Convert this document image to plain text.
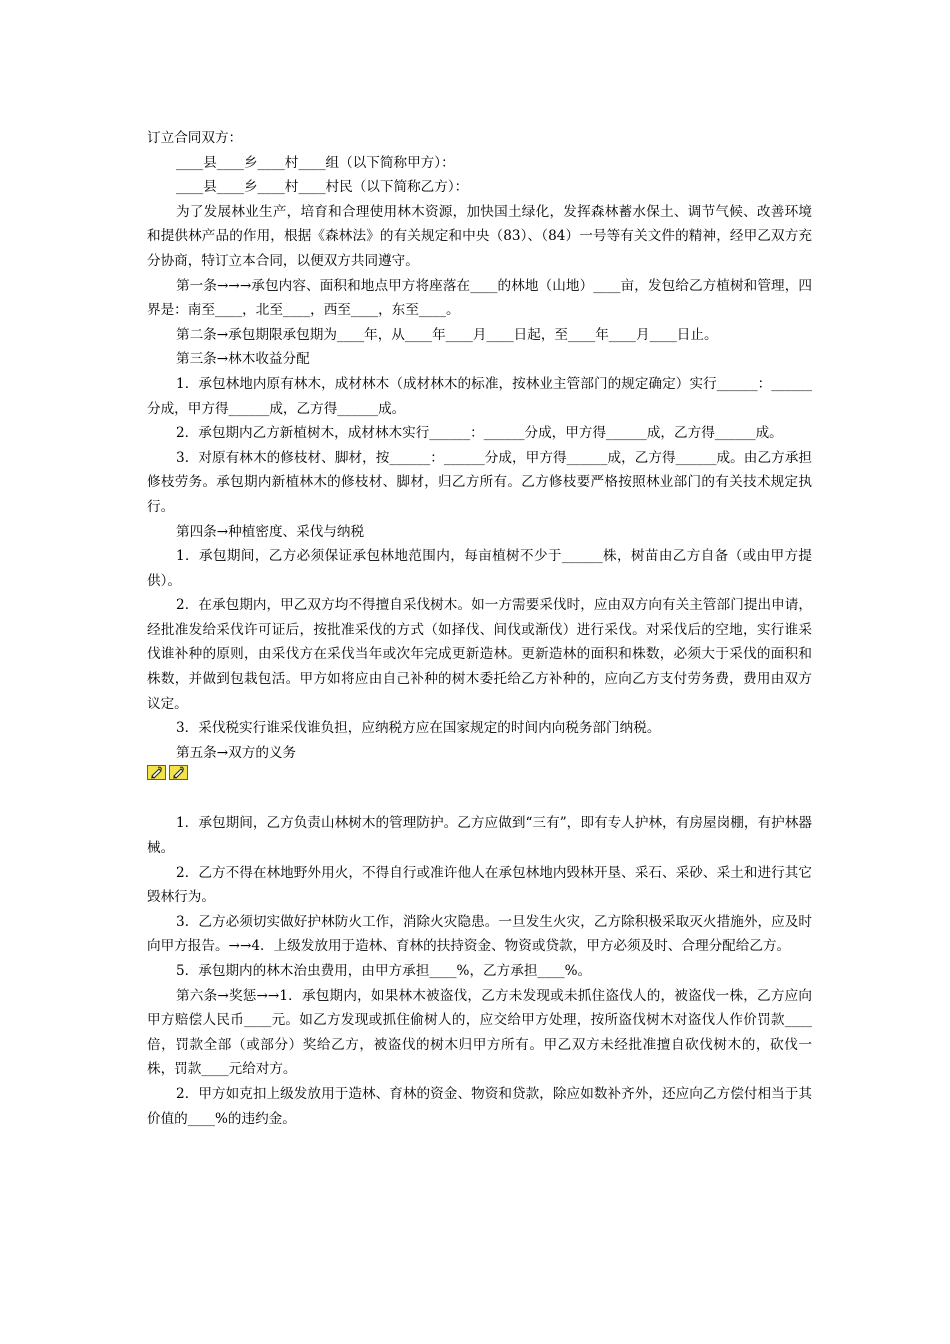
订立合同双方：

____县____乡____村____组（以下简称甲方）：

____县____乡____村____村民（以下简称乙方）：

为了发展林业生产，培育和合理使用林木资源，加快国土绿化，发挥森林蓄水保土、调节气候、改善环境和提供林产品的作用，根据《森林法》的有关规定和中央（83）、（84）一号等有关文件的精神，经甲乙双方充分协商，特订立本合同，以便双方共同遵守。

第一条→→→承包内容、面积和地点甲方将座落在____的林地（山地）____亩，发包给乙方植树和管理，四界是：南至____，北至____，西至____，东至____。

第二条→承包期限承包期为____年，从____年____月____日起，至____年____月____日止。

第三条→林木收益分配

1．承包林地内原有林木，成材林木（成材林木的标准，按林业主管部门的规定确定）实行______：______分成，甲方得______成，乙方得______成。

2．承包期内乙方新植树木，成材林木实行______：______分成，甲方得______成，乙方得______成。

3．对原有林木的修枝材、脚材，按______：______分成，甲方得______成，乙方得______成。由乙方承担修枝劳务。承包期内新植林木的修枝材、脚材，归乙方所有。乙方修枝要严格按照林业部门的有关技术规定执行。

第四条→种植密度、采伐与纳税

1．承包期间，乙方必须保证承包林地范围内，每亩植树不少于______株，树苗由乙方自备（或由甲方提供）。

2．在承包期内，甲乙双方均不得擅自采伐树木。如一方需要采伐时，应由双方向有关主管部门提出申请，经批准发给采伐许可证后，按批准采伐的方式（如择伐、间伐或渐伐）进行采伐。对采伐后的空地，实行谁采伐谁补种的原则，由采伐方在采伐当年或次年完成更新造林。更新造林的面积和株数，必须大于采伐的面积和株数，并做到包栽包活。甲方如将应由自己补种的树木委托给乙方补种的，应向乙方支付劳务费，费用由双方议定。

3．采伐税实行谁采伐谁负担，应纳税方应在国家规定的时间内向税务部门纳税。

第五条→双方的义务

1．承包期间，乙方负责山林树木的管理防护。乙方应做到“三有”，即有专人护林，有房屋岗棚，有护林器械。

2．乙方不得在林地野外用火，不得自行或准许他人在承包林地内毁林开垦、采石、采砂、采土和进行其它毁林行为。

3．乙方必须切实做好护林防火工作，消除火灾隐患。一旦发生火灾，乙方除积极采取灭火措施外，应及时向甲方报告。→→4．上级发放用于造林、育林的扶持资金、物资或贷款，甲方必须及时、合理分配给乙方。

5．承包期内的林木治虫费用，由甲方承担____%，乙方承担____%。

第六条→奖惩→→1．承包期内，如果林木被盗伐，乙方未发现或未抓住盗伐人的，被盗伐一株，乙方应向甲方赔偿人民币____元。如乙方发现或抓住偷树人的，应交给甲方处理，按所盗伐树木对盗伐人作价罚款____倍，罚款全部（或部分）奖给乙方，被盗伐的树木归甲方所有。甲乙双方未经批准擅自砍伐树木的，砍伐一株，罚款____元给对方。

2．甲方如克扣上级发放用于造林、育林的资金、物资和贷款，除应如数补齐外，还应向乙方偿付相当于其价值的____%的违约金。
